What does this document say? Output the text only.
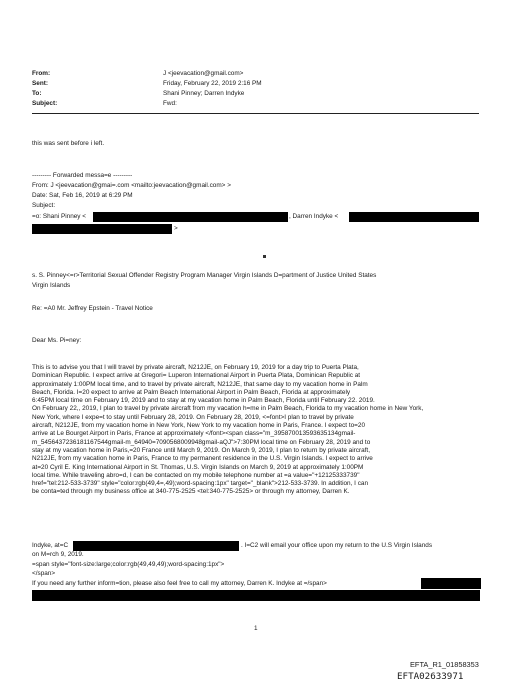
From:	J <jeevacation@gmail.com>
Sent:	Friday, February 22, 2019 2:16 PM
To:	Shani Pinney; Darren Indyke
Subject:	Fwd:
this was sent before i left.
--------- Forwarded messa=e ---------
From: J <jeevacation@gmai=.com <mailto:jeevacation@gmail.com> >
Date: Sat, Feb 16, 2019 at 6:29 PM
Subject:
=o: Shani Pinney <	, Darren Indyke <
>
s. S. Pinney<=r>Territorial Sexual Offender Registry Program Manager Virgin Islands D=partment of Justice United States
Virgin Islands
Re: =A0 Mr. Jeffrey Epstein - Travel Notice
Dear Ms. Pi=ney:

This is to advise you that I will travel by private aircraft, N212JE, on February 19, 2019 for a day trip to Puerta Plata,
Dominican Republic. I expect arrive at Gregori= Luperon International Airport in Puerta Plata, Dominican Republic at
approximately 1:00PM local time, and to travel by private aircraft, N212JE, that same day to my vacation home in Palm
Beach, Florida. I=20 expect to arrive at Palm Beach International Airport in Palm Beach, Florida at approximately
6:45PM local time on February 19, 2019 and to stay at my vacation home in Palm Beach, Florida until February 22. 2019.
On February 22,, 2019, I plan to travel by private aircraft from my vacation h=me in Palm Beach, Florida to my vacation home in New York,
New York, where I expe=t to stay until February 28, 2019. On February 28, 2019, <=font>I plan to travel by private
aircraft, N212JE, from my vacation home in New York, New York to my vacation home in Paris, France. I expect to=20
arrive at Le Bourget Airport in Paris, France at approximately </font><span class="m_395870013593635134gmail-
m_5456437236181167544gmail-m_64940=7090568009948gmail-aQJ">7:30PM local time on February 28, 2019 and to
stay at my vacation home in Paris,=20 France until March 9, 2019. On March 9, 2019, I plan to return by private aircraft,
N212JE, from my vacation home in Paris, France to my permanent residence in the U.S. Virgin Islands. I expect to arrive
at=20 Cyril E. King International Airport in St. Thomas, U.S. Virgin Islands on March 9, 2019 at approximately 1:00PM
local time. While traveling abro=d, I can be contacted on my mobile telephone number at =a value="+12125333739"
href="tel:212-533-3739" style="color:rgb(49,4=,49);word-spacing:1px" target="_blank">212-533-3739. In addition, I can
be conta=ted through my business office at 340-775-2525 <tel:340-775-2525> or through my attorney, Darren K.

Indyke, at=C	. I=C2 will email your office upon my return to the U.S Virgin Islands
on M=rch 9, 2019.
=span style="font-size:large;color:rgb(49,49,49);word-spacing:1px">
</span>
If you need any further inform=tion, please also feel free to call my attorney, Darren K. Indyke at =/span>
1
EFTA_R1_01858353
EFTA02633971
